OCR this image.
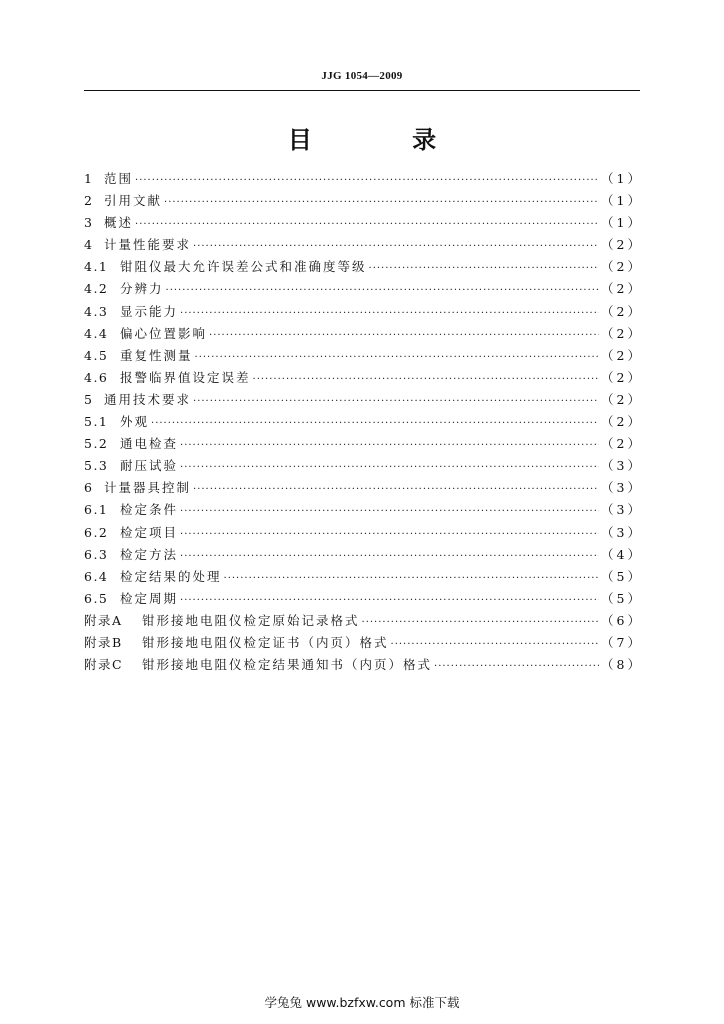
JJG 1054—2009
目 录
1 范围 ·····	（1）
2 引用文献 ·····	（1）
3 概述 ·····	（1）
4 计量性能要求 ·····	（2）
4.1 钳阻仪最大允许误差公式和准确度等级 ·····	（2）
4.2 分辨力 ·····	（2）
4.3 显示能力 ·····	（2）
4.4 偏心位置影响 ·····	（2）
4.5 重复性测量 ·····	（2）
4.6 报警临界值设定误差 ·····	（2）
5 通用技术要求 ·····	（2）
5.1 外观 ·····	（2）
5.2 通电检查 ·····	（2）
5.3 耐压试验 ·····	（3）
6 计量器具控制 ·····	（3）
6.1 检定条件 ·····	（3）
6.2 检定项目 ·····	（3）
6.3 检定方法 ·····	（4）
6.4 检定结果的处理 ·····	（5）
6.5 检定周期 ·····	（5）
附录A	钳形接地电阻仪检定原始记录格式 ·····	（6）
附录B	钳形接地电阻仪检定证书（内页）格式 ·····	（7）
附录C	钳形接地电阻仪检定结果通知书（内页）格式 ·····	（8）
学兔兔 www.bzfxw.com 标准下载
